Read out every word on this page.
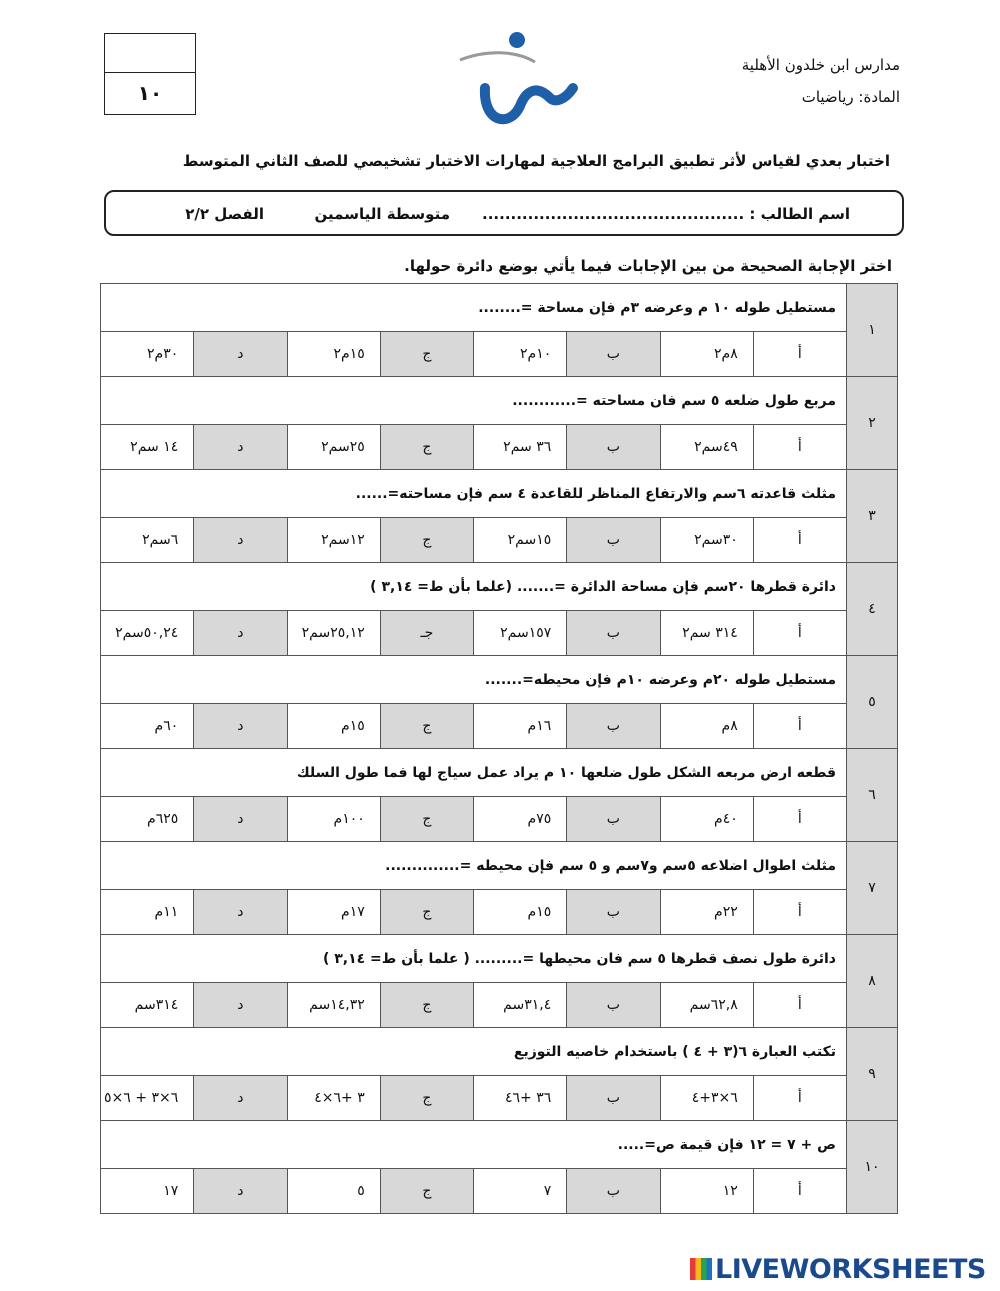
مدارس ابن خلدون الأهلية
المادة: رياضيات
١٠
اختبار بعدي لقياس لأثر تطبيق البرامج العلاجية لمهارات الاختبار تشخيصي للصف الثاني المتوسط
اسم الطالب : ..............................................
متوسطة الياسمين
الفصل ٢/٢
اختر الإجابة الصحيحة من بين الإجابات فيما يأتي بوضع دائرة حولها.
١	مستطيل طوله ١٠ م وعرضه ٣م فإن مساحة =........							
	أ	٨م٢	ب	١٠م٢	ج	١٥م٢	د	٣٠م٢
٢	مربع طول ضلعه ٥ سم فان مساحته =............							
	أ	٤٩سم٢	ب	٣٦ سم٢	ج	٢٥سم٢	د	١٤ سم٢
٣	مثلث قاعدته ٦سم والارتفاع المناظر للقاعدة ٤ سم فإن مساحته=......							
	أ	٣٠سم٢	ب	١٥سم٢	ج	١٢سم٢	د	٦سم٢
٤	دائرة قطرها ٢٠سم فإن مساحة الدائرة =....... (علما بأن ط= ٣,١٤ )							
	أ	٣١٤ سم٢	ب	١٥٧سم٢	جـ	٢٥,١٢سم٢	د	٥٠,٢٤سم٢
٥	مستطيل طوله ٢٠م وعرضه ١٠م فإن محيطه=.......							
	أ	٨م	ب	١٦م	ج	١٥م	د	٦٠م
٦	قطعه ارض مربعه الشكل طول ضلعها ١٠ م يراد عمل سياج لها فما طول السلك							
	أ	٤٠م	ب	٧٥م	ج	١٠٠م	د	٦٢٥م
٧	مثلث اطوال اضلاعه ٥سم و٧سم و ٥ سم فإن محيطه =..............							
	أ	٢٢م	ب	١٥م	ج	١٧م	د	١١م
٨	دائرة طول نصف قطرها ٥ سم فان محيطها =......... ( علما بأن ط= ٣,١٤ )							
	أ	٦٢,٨سم	ب	٣١,٤سم	ج	١٤,٣٢سم	د	٣١٤سم
٩	تكتب العبارة ٦(٣ + ٤ ) باستخدام خاصيه التوزيع							
	أ	٦×٣+٤	ب	٣٦ +٤٦	ج	٣ +٦×٤	د	٦×٣ + ٦×٥
١٠	ص + ٧ = ١٢ فإن قيمة ص=.....							
	أ	١٢	ب	٧	ج	٥	د	١٧
LIVEWORKSHEETS
